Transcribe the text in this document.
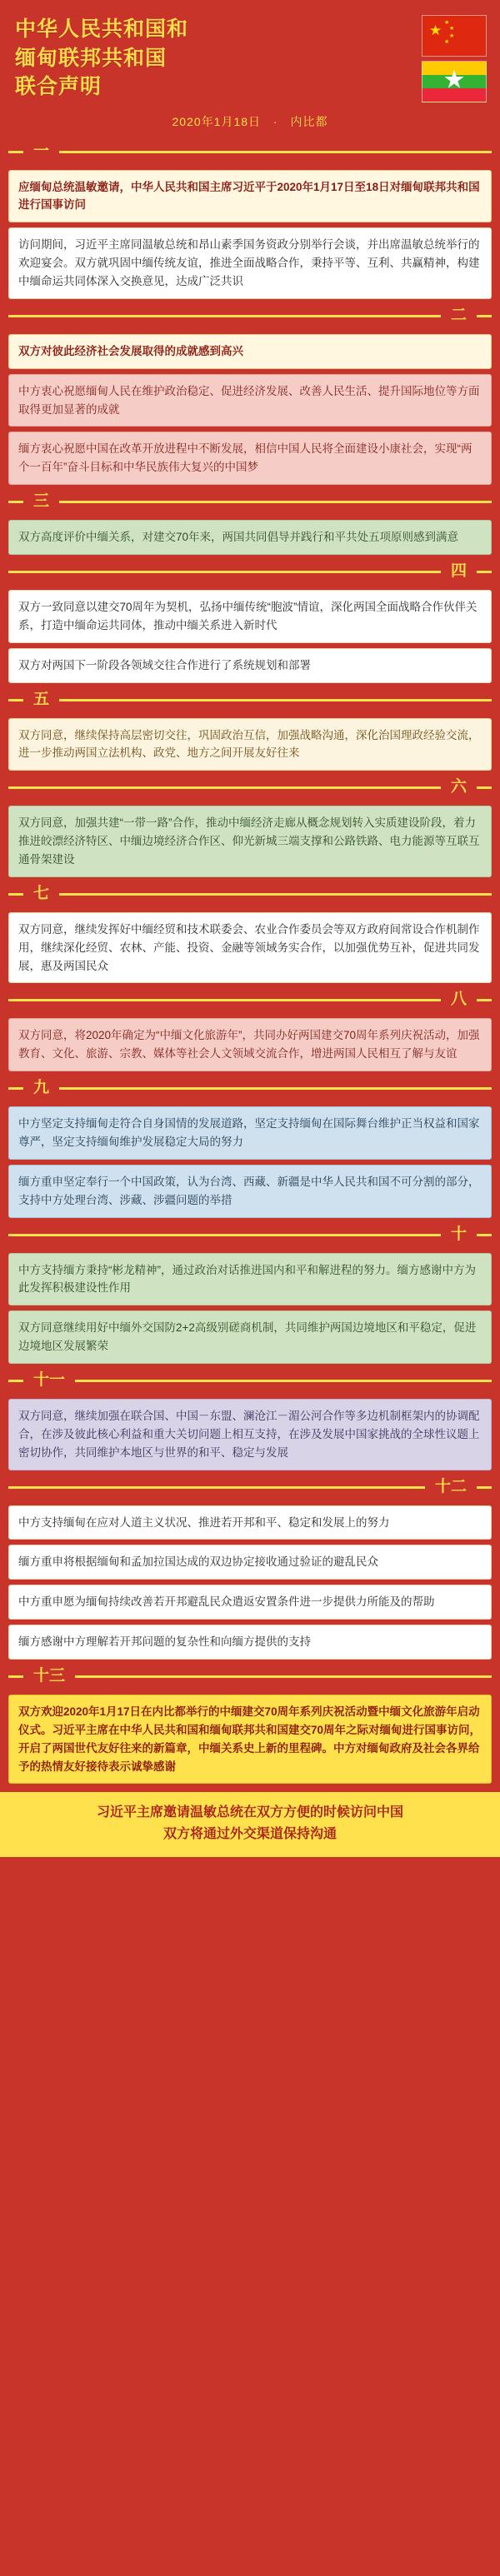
中华人民共和国和
缅甸联邦共和国
联合声明
★ ★
★
★
★
★
2020年1月18日 · 内比都
一
应缅甸总统温敏邀请，中华人民共和国主席习近平于2020年1月17日至18日对缅甸联邦共和国进行国事访问
访问期间，习近平主席同温敏总统和昂山素季国务资政分别举行会谈，并出席温敏总统举行的欢迎宴会。双方就巩固中缅传统友谊，推进全面战略合作，秉持平等、互利、共赢精神，构建中缅命运共同体深入交换意见，达成广泛共识
二
双方对彼此经济社会发展取得的成就感到高兴
中方衷心祝愿缅甸人民在维护政治稳定、促进经济发展、改善人民生活、提升国际地位等方面取得更加显著的成就
缅方衷心祝愿中国在改革开放进程中不断发展，相信中国人民将全面建设小康社会，实现“两个一百年”奋斗目标和中华民族伟大复兴的中国梦
三
双方高度评价中缅关系，对建交70年来，两国共同倡导并践行和平共处五项原则感到满意
四
双方一致同意以建交70周年为契机，弘扬中缅传统“胞波”情谊，深化两国全面战略合作伙伴关系，打造中缅命运共同体，推动中缅关系进入新时代
双方对两国下一阶段各领域交往合作进行了系统规划和部署
五
双方同意，继续保持高层密切交往，巩固政治互信，加强战略沟通，深化治国理政经验交流，进一步推动两国立法机构、政党、地方之间开展友好往来
六
双方同意，加强共建“一带一路”合作，推动中缅经济走廊从概念规划转入实质建设阶段，着力推进皎漂经济特区、中缅边境经济合作区、仰光新城三端支撑和公路铁路、电力能源等互联互通骨架建设
七
双方同意，继续发挥好中缅经贸和技术联委会、农业合作委员会等双方政府间常设合作机制作用，继续深化经贸、农林、产能、投资、金融等领域务实合作，以加强优势互补，促进共同发展，惠及两国民众
八
双方同意，将2020年确定为“中缅文化旅游年”，共同办好两国建交70周年系列庆祝活动，加强教育、文化、旅游、宗教、媒体等社会人文领域交流合作，增进两国人民相互了解与友谊
九
中方坚定支持缅甸走符合自身国情的发展道路，坚定支持缅甸在国际舞台维护正当权益和国家尊严，坚定支持缅甸维护发展稳定大局的努力
缅方重申坚定奉行一个中国政策，认为台湾、西藏、新疆是中华人民共和国不可分割的部分，支持中方处理台湾、涉藏、涉疆问题的举措
十
中方支持缅方秉持“彬龙精神”，通过政治对话推进国内和平和解进程的努力。缅方感谢中方为此发挥积极建设性作用
双方同意继续用好中缅外交国防2+2高级别磋商机制，共同维护两国边境地区和平稳定，促进边境地区发展繁荣
十一
双方同意，继续加强在联合国、中国－东盟、澜沧江－湄公河合作等多边机制框架内的协调配合，在涉及彼此核心利益和重大关切问题上相互支持，在涉及发展中国家挑战的全球性议题上密切协作，共同维护本地区与世界的和平、稳定与发展
十二
中方支持缅甸在应对人道主义状况、推进若开邦和平、稳定和发展上的努力
缅方重申将根据缅甸和孟加拉国达成的双边协定接收通过验证的避乱民众
中方重申愿为缅甸持续改善若开邦避乱民众遣返安置条件进一步提供力所能及的帮助
缅方感谢中方理解若开邦问题的复杂性和向缅方提供的支持
十三
双方欢迎2020年1月17日在内比都举行的中缅建交70周年系列庆祝活动暨中缅文化旅游年启动仪式。习近平主席在中华人民共和国和缅甸联邦共和国建交70周年之际对缅甸进行国事访问，开启了两国世代友好往来的新篇章，中缅关系史上新的里程碑。中方对缅甸政府及社会各界给予的热情友好接待表示诚挚感谢
习近平主席邀请温敏总统在双方方便的时候访问中国
双方将通过外交渠道保持沟通
